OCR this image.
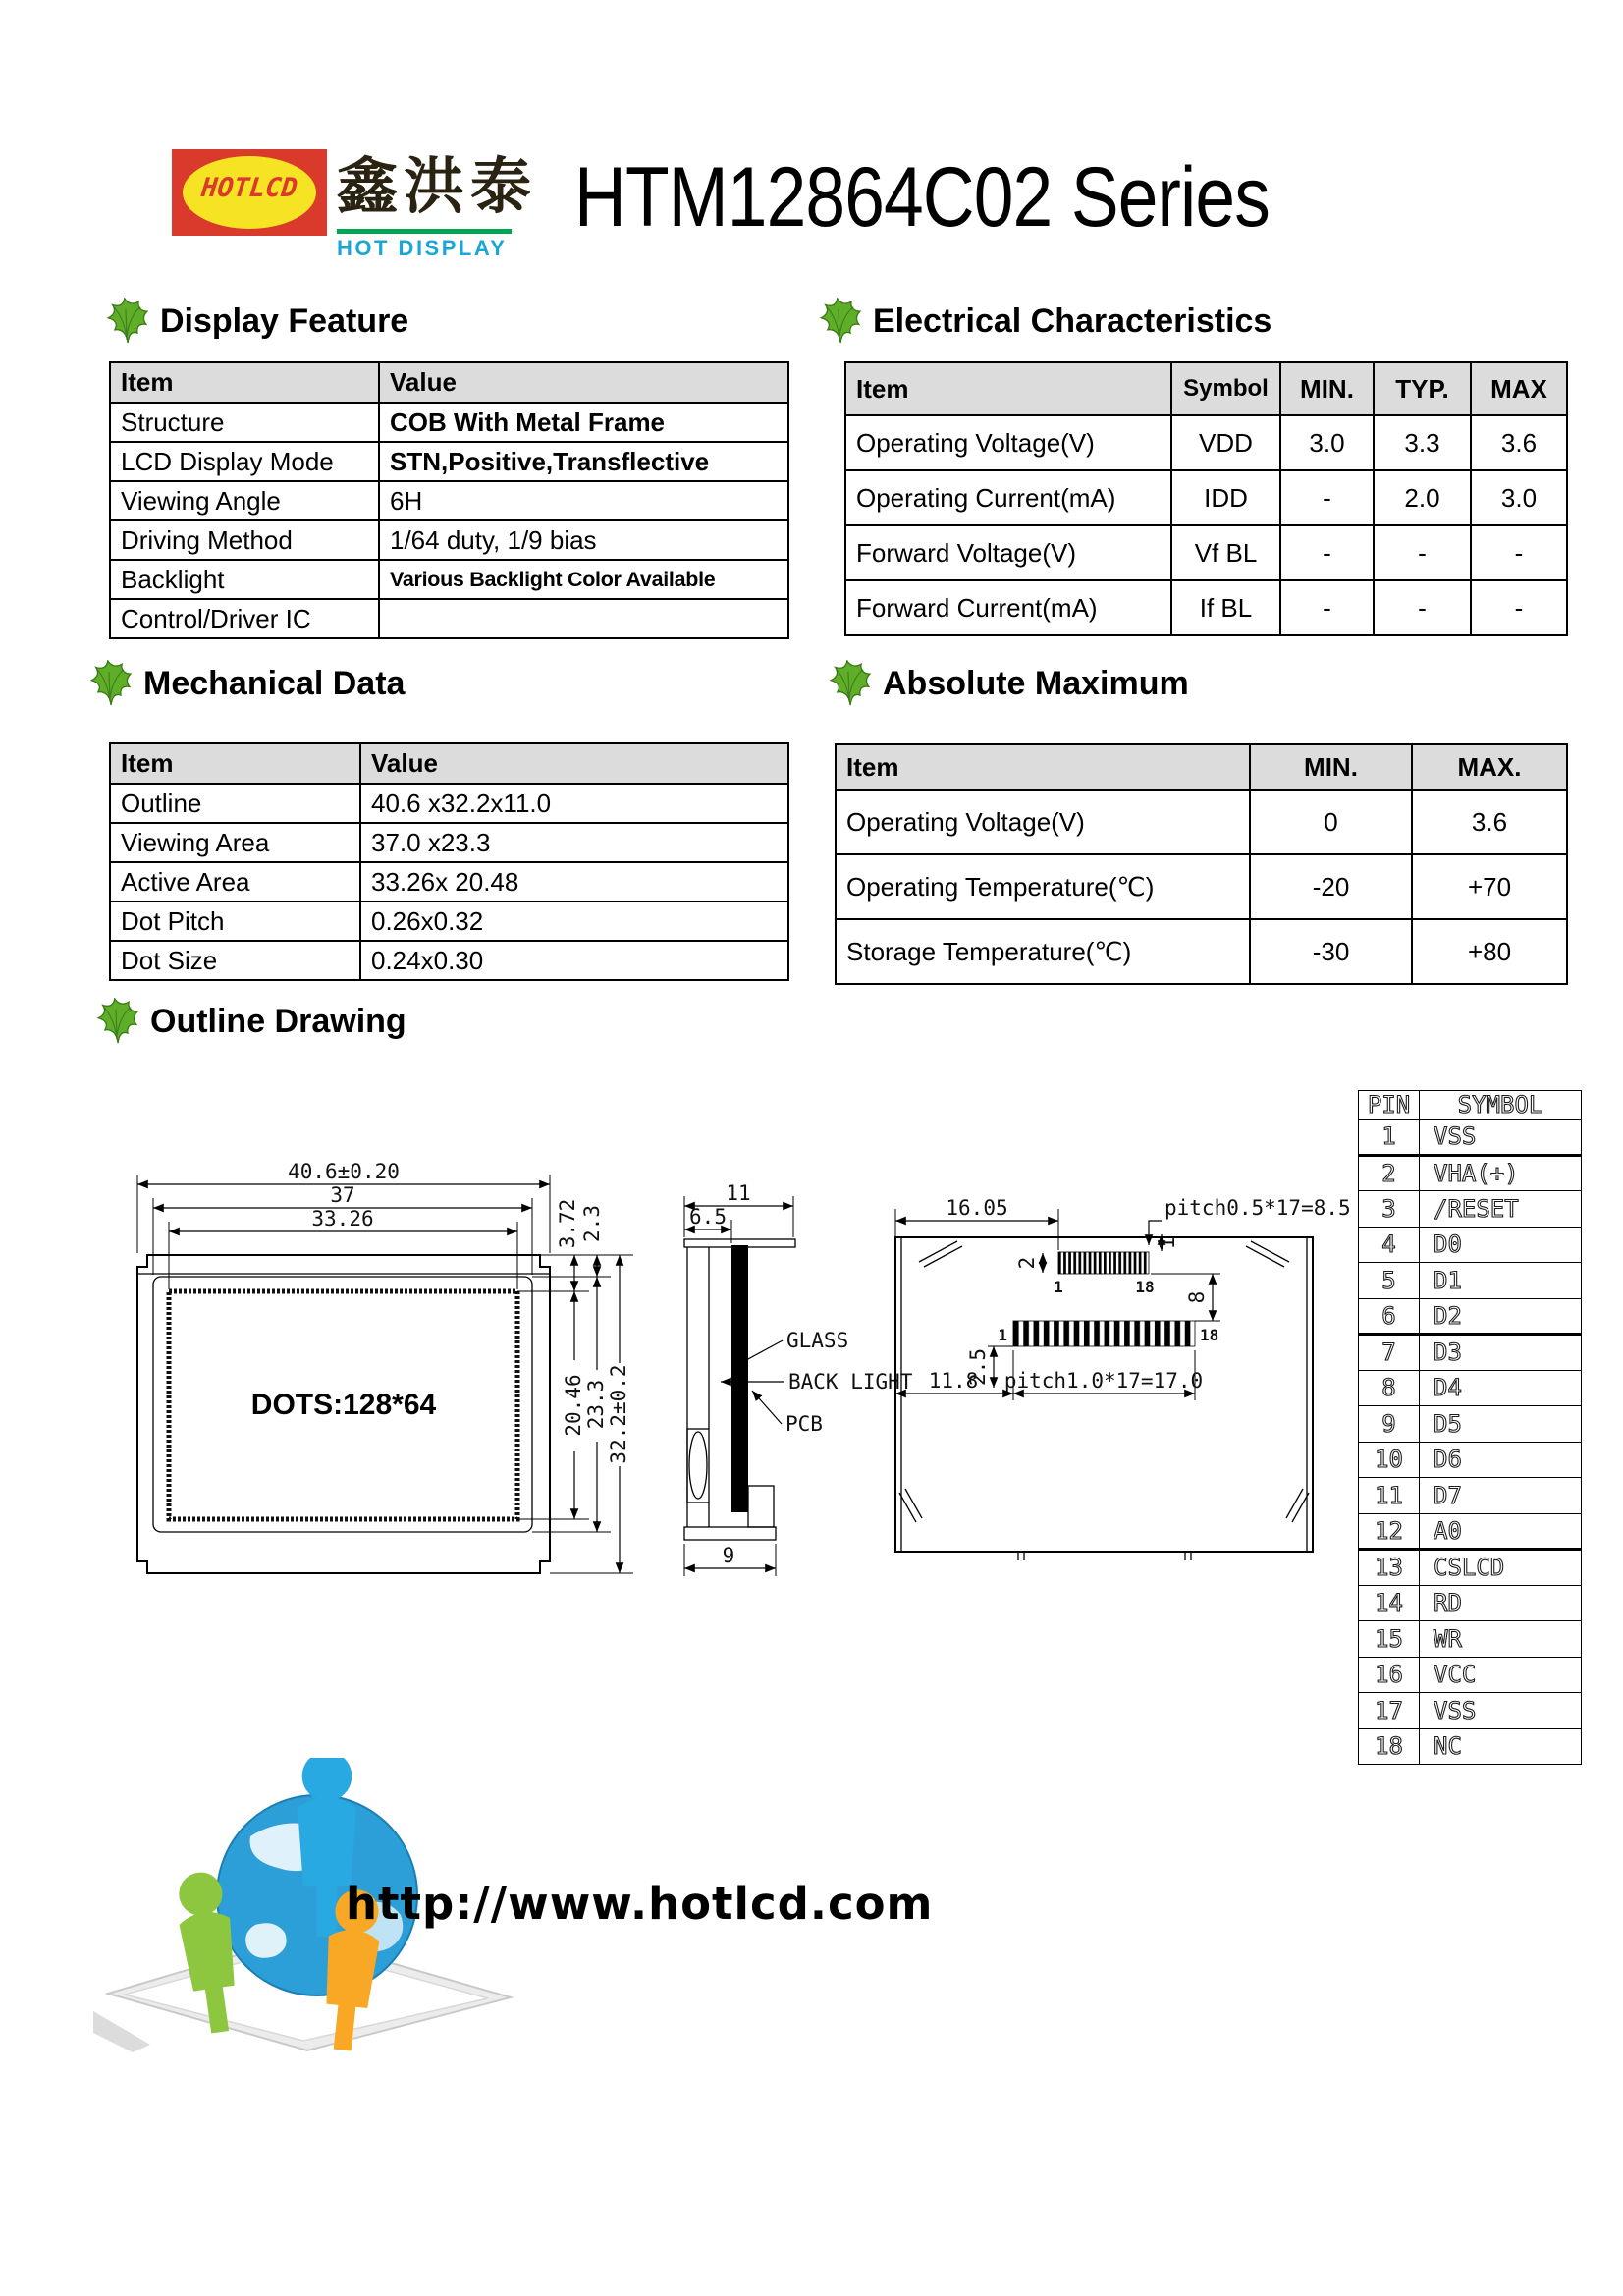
HOTLCD 鑫洪泰
HOT DISPLAY
HTM12864C02 Series
Display Feature	Electrical Characteristics
Mechanical Data	Absolute Maximum
Outline Drawing
Item	Value
Structure	COB With Metal Frame
LCD Display Mode	STN,Positive,Transflective
Viewing Angle	6H
Driving Method	1/64 duty, 1/9 bias
Backlight	Various Backlight Color Available
Control/Driver IC	
Item	Symbol	MIN.	TYP.	MAX
Operating Voltage(V)	VDD	3.0	3.3	3.6
Operating Current(mA)	IDD	-	2.0	3.0
Forward Voltage(V)	Vf BL	-	-	-
Forward Current(mA)	If BL	-	-	-
Item	Value
Outline	40.6 x32.2x11.0
Viewing Area	37.0 x23.3
Active Area	33.26x 20.48
Dot Pitch	0.26x0.32
Dot Size	0.24x0.30
Item	MIN.	MAX.
Operating Voltage(V)	0	3.6
Operating Temperature(℃)	-20	+70
Storage Temperature(℃)	-30	+80
40.6±0.20
37
33.26
DOTS:128*64
3.72 2.3
20.46 23.3 32.2±0.2
11
6.5
9
GLASS
BACK LIGHT
PCB
1	18
1	18
16.05	pitch0.5*17=8.5
2
1
8
2.5
11.8 pitch1.0*17=17.0
PIN	SYMBOL
1	VSS
2	VHA(+)
3	/RESET
4	D0
5	D1
6	D2
7	D3
8	D4
9	D5
10	D6
11	D7
12	A0
13	CSLCD
14	RD
15	WR
16	VCC
17	VSS
18	NC
http://www.hotlcd.com
